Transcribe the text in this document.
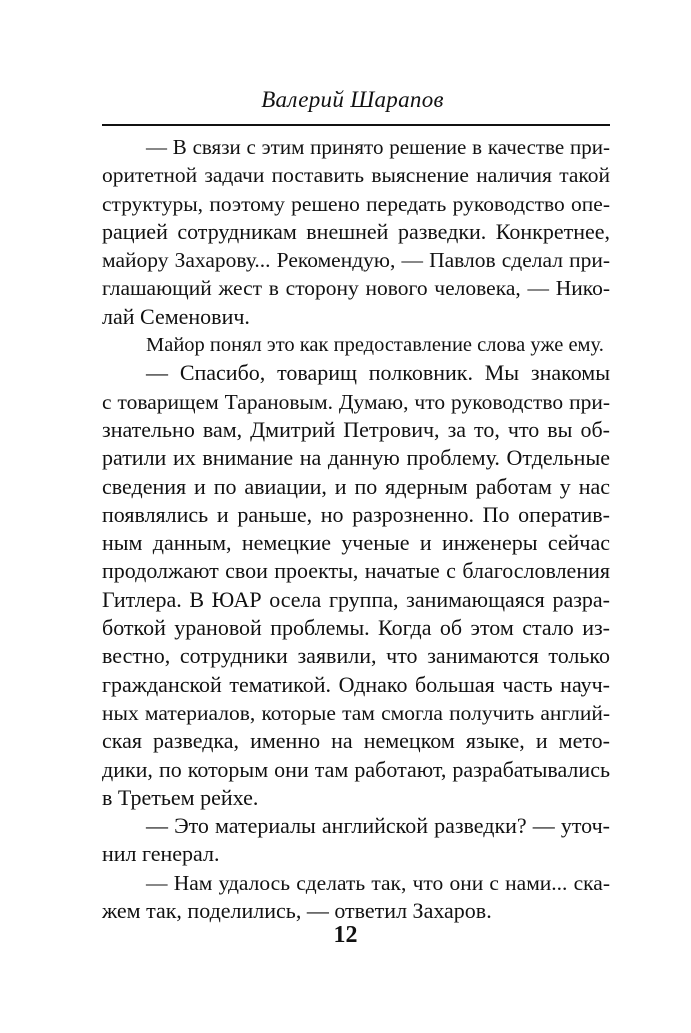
Валерий Шарапов
— В связи с этим принято решение в качестве при-
оритетной задачи поставить выяснение наличия такой
структуры, поэтому решено передать руководство опе-
рацией сотрудникам внешней разведки. Конкретнее,
майору Захарову... Рекомендую, — Павлов сделал при-
глашающий жест в сторону нового человека, — Нико-
лай Семенович.
Майор понял это как предоставление слова уже ему.
— Спасибо, товарищ полковник. Мы знакомы
с товарищем Тарановым. Думаю, что руководство при-
знательно вам, Дмитрий Петрович, за то, что вы об-
ратили их внимание на данную проблему. Отдельные
сведения и по авиации, и по ядерным работам у нас
появлялись и раньше, но разрозненно. По оператив-
ным данным, немецкие ученые и инженеры сейчас
продолжают свои проекты, начатые с благословления
Гитлера. В ЮАР осела группа, занимающаяся разра-
боткой урановой проблемы. Когда об этом стало из-
вестно, сотрудники заявили, что занимаются только
гражданской тематикой. Однако большая часть науч-
ных материалов, которые там смогла получить англий-
ская разведка, именно на немецком языке, и мето-
дики, по которым они там работают, разрабатывались
в Третьем рейхе.
— Это материалы английской разведки? — уточ-
нил генерал.
— Нам удалось сделать так, что они с нами... ска-
жем так, поделились, — ответил Захаров.
12
